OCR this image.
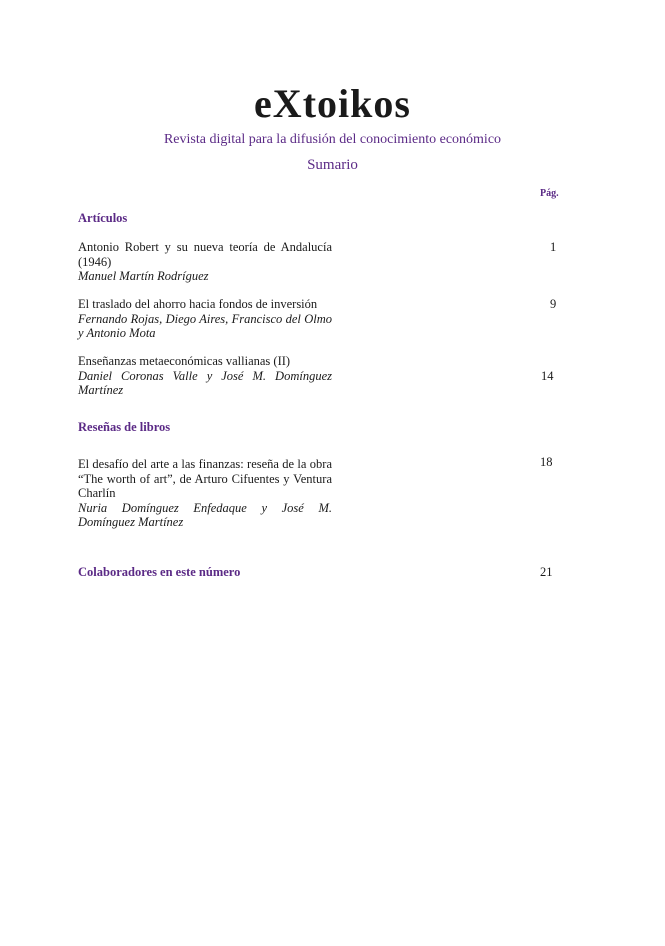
eXtoikos
Revista digital para la difusión del conocimiento económico
Sumario
Pág.
Artículos
Antonio Robert y su nueva teoría de Andalucía (1946)
Manuel Martín Rodríguez
1
El traslado del ahorro hacia fondos de inversión
Fernando Rojas, Diego Aires, Francisco del Olmo y Antonio Mota
9
Enseñanzas metaeconómicas vallianas (II)
Daniel Coronas Valle y José M. Domínguez Martínez
14
Reseñas de libros
El desafío del arte a las finanzas: reseña de la obra “The worth of art”, de Arturo Cifuentes y Ventura Charlín
Nuria Domínguez Enfedaque y José M. Domínguez Martínez
18
Colaboradores en este número	21
